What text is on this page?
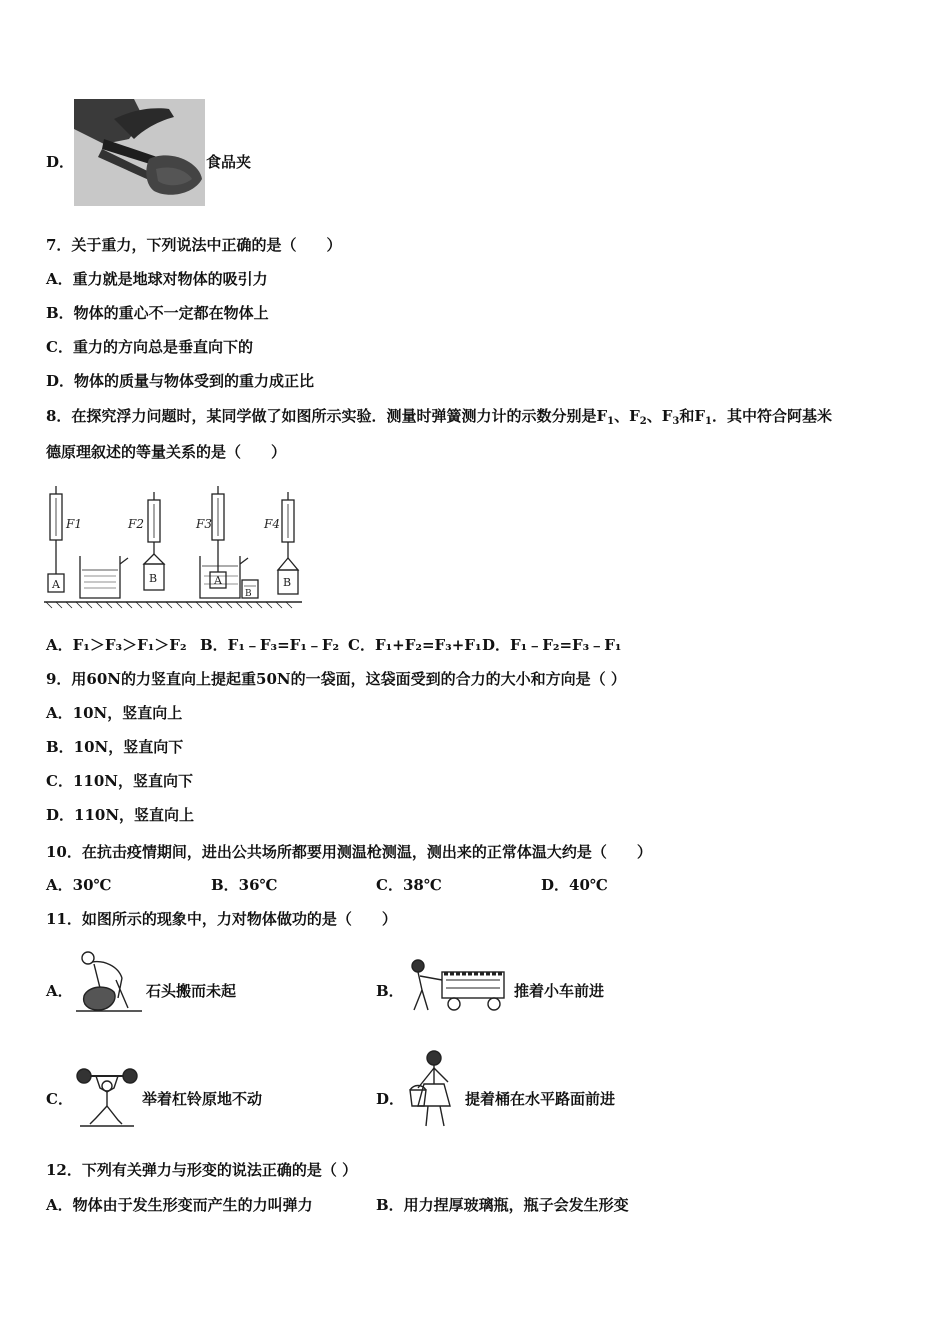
D．	食品夹
7．关于重力，下列说法中正确的是（　　）
A．重力就是地球对物体的吸引力
B．物体的重心不一定都在物体上
C．重力的方向总是垂直向下的
D．物体的质量与物体受到的重力成正比
8．在探究浮力问题时，某同学做了如图所示实验．测量时弹簧测力计的示数分别是$F_1$、$F_2$、$F_3$和$F_1$．其中符合阿基米
德原理叙述的等量关系的是（　　）
A
F1
B
F2
A
F3
B
B
F4
A．F₁＞F₃＞F₁＞F₂ B．F₁﹣F₃=F₁﹣F₂ C．F₁+F₂=F₃+F₁ D．F₁﹣F₂=F₃﹣F₁
9．用60N的力竖直向上提起重50N的一袋面，这袋面受到的合力的大小和方向是（ ）
A．10N，竖直向上
B．10N，竖直向下
C．110N，竖直向下
D．110N，竖直向上
10．在抗击疫情期间，进出公共场所都要用测温枪测温，测出来的正常体温大约是（　　）
A．30℃	B．36℃	C．38℃	D．40℃
11．如图所示的现象中，力对物体做功的是（　　）
A．	石头搬而未起	B．	推着小车前进
C．	举着杠铃原地不动	D．	提着桶在水平路面前进
12．下列有关弹力与形变的说法正确的是（ ）
A．物体由于发生形变而产生的力叫弹力	B．用力捏厚玻璃瓶，瓶子会发生形变
